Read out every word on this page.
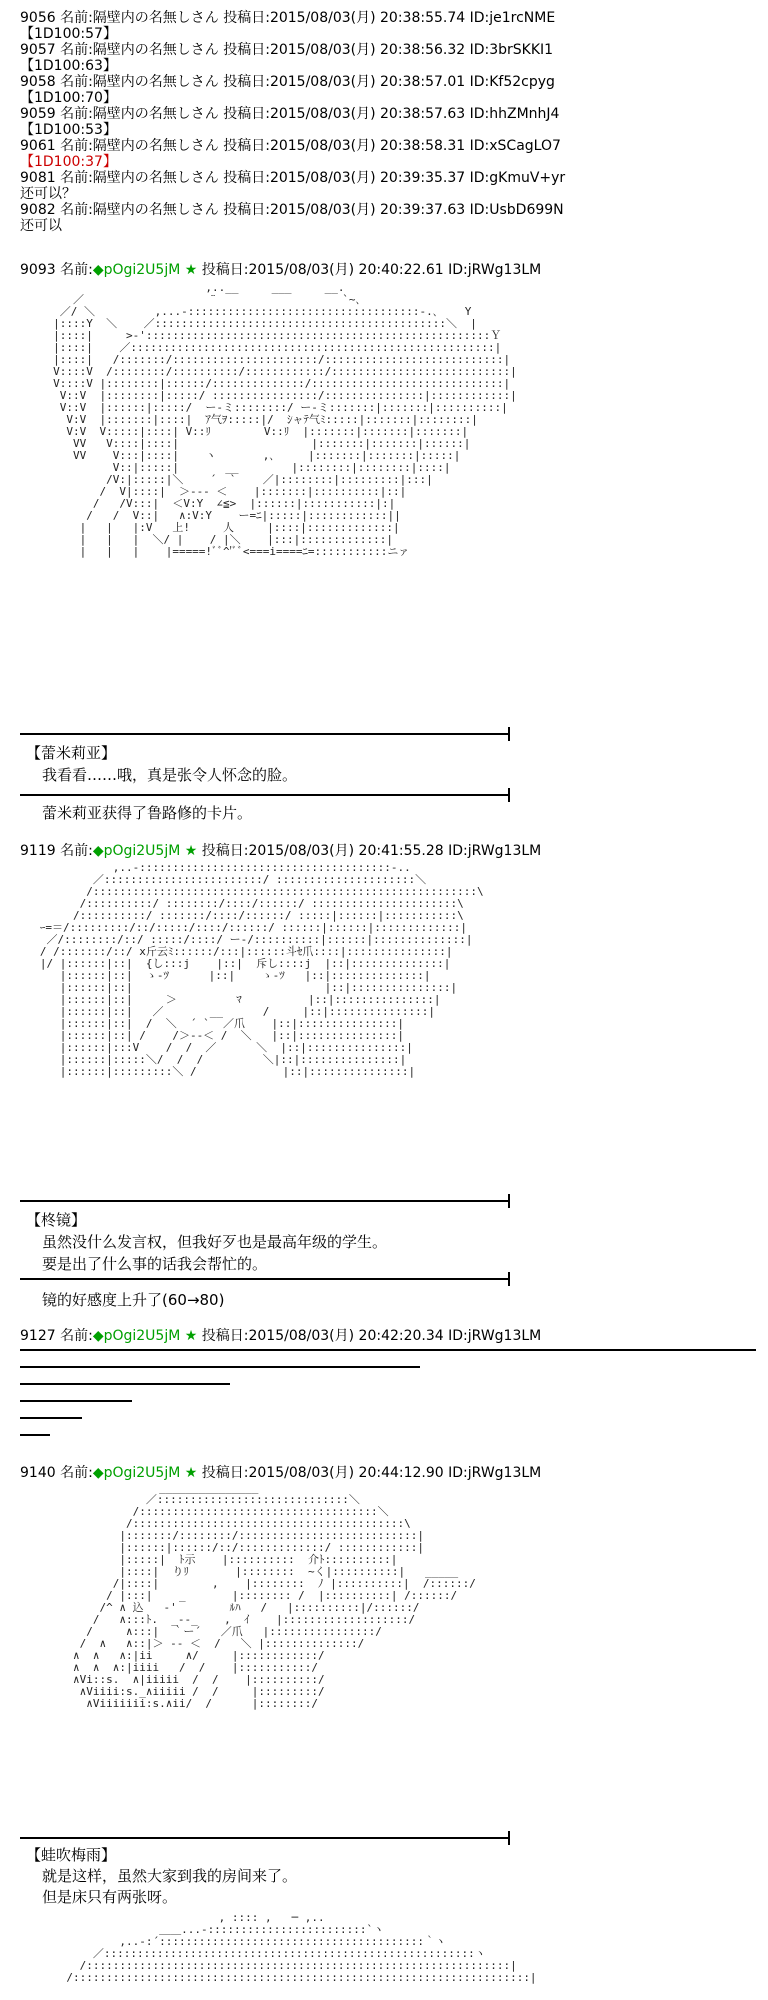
9056 名前:隔壁内の名無しさん 投稿日:2015/08/03(月) 20:38:55.74 ID:je1rcNME
【1D100:57】
9057 名前:隔壁内の名無しさん 投稿日:2015/08/03(月) 20:38:56.32 ID:3brSKKI1
【1D100:63】
9058 名前:隔壁内の名無しさん 投稿日:2015/08/03(月) 20:38:57.01 ID:Kf52cpyg
【1D100:70】
9059 名前:隔壁内の名無しさん 投稿日:2015/08/03(月) 20:38:57.63 ID:hhZMnhJ4
【1D100:53】
9061 名前:隔壁内の名無しさん 投稿日:2015/08/03(月) 20:38:58.31 ID:xSCagLO7
【1D100:37】
9081 名前:隔壁内の名無しさん 投稿日:2015/08/03(月) 20:39:35.37 ID:gKmuV+yr
还可以？
9082 名前:隔壁内の名無しさん 投稿日:2015/08/03(月) 20:39:37.63 ID:UsbD699N
还可以
9093 名前:◆pOgi2U5jM ★ 投稿日:2015/08/03(月) 20:40:22.61 ID:jRWg13LM
,..__     ___     __.
／                   ¨                   `~､
／/ ＼         ,...-:::::::::::::::::::::::::::::::::::-.､    Y
|::::Y  ＼    ／::::::::::::::::::::::::::::::::::::::::::::＼  |
|::::|     >‐'::::::::::::::::::::::::::::::::::::::::::::::::::::Ｙ
|::::|    ／:::::::::::::::::::::::::::::::::::::::::::::::::::::::|
|::::|   /:::::::/::::::::::::::::::::::/:::::::::::::::::::::::::::|
V::::V  /::::::::/::::::::::/::::::::::::/:::::::::::::::::::::::::::|
V::::V |::::::::|::::::/::::::::::::::/:::::::::::::::::::::::::::::|
V::V  |::::::::|:::::/ ::::::::::::::::/:::::::::::::::|::::::::::::|
V::V  |::::::|:::::/  ー-ミ::::::::/ ー-ミ:::::::|:::::::|::::::::::|
V:V  |:::::::|::::|  ｱ气ｦ:::::|/  ｼャﾃ气ﾐ:::::|:::::::|::::::::|
V:V  V:::::|::::| V::ﾘ        V::ﾘ  |:::::::|:::::::|:::::::|
VV   V::::|::::|                    |:::::::|:::::::|::::::|
VV    V:::|::::|    ヽ       ,､     |:::::::|:::::::|:::::|
V::|:::::|       __        |::::::::|::::::::|::::|
/V:|:::::|＼    ´  `    ／|::::::::|:::::::::|:::|
/  V|::::|  ＞‐-‐ ＜    |:::::::|::::::::::|::|
/   /V:::|  ＜V:Y  ∠≦>  |::::::|:::::::::::|:|
/   /  V::|   ∧:V:Y    ー=ﾆ|:::::|::::::::::::||
|   |   |:V   上!     人     |::::|:::::::::::::|
|   |   |  ＼/ |    / |＼    |:::|:::::::::::::|
|   |   |    |=====!ﾞﾞ^'ﾞﾞ<===i====ﾆ=:::::::::::ニァ

【蕾米莉亚】
我看看……哦，真是张令人怀念的脸。
蕾米莉亚获得了鲁路修的卡片。
9119 名前:◆pOgi2U5jM ★ 投稿日:2015/08/03(月) 20:41:55.28 ID:jRWg13LM
,..-::::::::::::::::::::::::::::::::::::::-..
／::::::::::::::::::::::::/ :::::::::::::::::::::＼
/::::::::::::::::::::::::::::::::::::::::::::::::::::::::::\
/::::::::::/ ::::::::/::::/::::::/ ::::::::::::::::::::::\
/::::::::::/ :::::::/::::/::::::/ :::::|::::::|:::::::::::\
ｰ=＝/:::::::::/::/:::::/::::/::::::/ ::::::|::::::|:::::::::::::|
／/::::::::/::/ :::::/::::/ ー‐/::::::::::|::::::|::::::::::::::|
/ /:::::::/::/ x斤云ﾐ::::::/:::|::::::斗ｾ爪::::|:::::::::::::::|
|/ |::::::|::|  {し:::j    |::|  斥し::::j  |::|::::::::::::::|
|::::::|::|  ゝ-ﾂ      |::|    ゝ-ﾂ   |::|::::::::::::::|
|::::::|::|                             |::|:::::::::::::::|
|::::::|::|     ＞         ﾏ          |::|:::::::::::::::|
|::::::|::|   ／       __      /     |::|:::::::::::::::|
|::::::|::|  /  ＼  ´ `  ／爪    |::|:::::::::::::::|
|::::::|::| /    /＞--＜ /  ＼   |::|:::::::::::::::|
|::::::|:::V    /  /  ／      ＼  |::|:::::::::::::::|
|::::::|:::::＼/  /  /         ＼|::|:::::::::::::::|
|::::::|:::::::::＼ /             |::|:::::::::::::::|

【柊镜】
虽然没什么发言权，但我好歹也是最高年级的学生。
要是出了什么事的话我会帮忙的。
镜的好感度上升了(60→80)
9127 名前:◆pOgi2U5jM ★ 投稿日:2015/08/03(月) 20:42:20.34 ID:jRWg13LM
9140 名前:◆pOgi2U5jM ★ 投稿日:2015/08/03(月) 20:44:12.90 ID:jRWg13LM
_______________
／:::::::::::::::::::::::::::::＼
/::::::::::::::::::::::::::::::::::::＼
/:::::::::::::::::::::::::::::::::::::::::\
|:::::::/::::::::/:::::::::::::::::::::::::::|
|::::::|::::::/::/:::::::::::::/ ::::::::::::|
|:::::|  ﾄ示    |::::::::::  介ﾄ::::::::::|
|::::|  りﾘ       |::::::::  ~く|::::::::::|   _____
/|::::|        ,    |::::::::  ﾉ |::::::::::|  /::::::/
/ |:::|    _       |:::::::: /  |::::::::::| /::::::/
/^ ∧ 込   ‐'        ﾙﾊ   /   |::::::::::|/::::::/
/   ∧:::ﾄ.  _--_    ,  ｲ    |:::::::::::::::::::/
/     ∧:::|  ｀ー´   ／爪   |::::::::::::::::/
/  ∧   ∧::|＞ -- ＜  /   ＼ |::::::::::::::/
∧  ∧   ∧:|ii     ∧/     |::::::::::::/
∧  ∧  ∧:|iiii   /  /    |:::::::::::/
∧Vi::s.  ∧|iiiii  /  /    |::::::::::/
∧Viiii:s._∧iiiii /  /     |:::::::::/
∧Viiiiiii:s.∧ii/  /      |::::::::/

【蛙吹梅雨】
就是这样，虽然大家到我的房间来了。
但是床只有两张呀。
, :::: ,   ─ ,..
＿＿...-::::::::::::::::::::::::`ヽ
,..-:´::::::::::::::::::::::::::::::::::::::::｀ヽ
／::::::::::::::::::::::::::::::::::::::::::::::::::::::::ヽ
/::::::::::::::::::::::::::::::::::::::::::::::::::::::::::::::::|
/:::::::::::::::::::::::::::::::::::::::::::::::::::::::::::::::::::::|
